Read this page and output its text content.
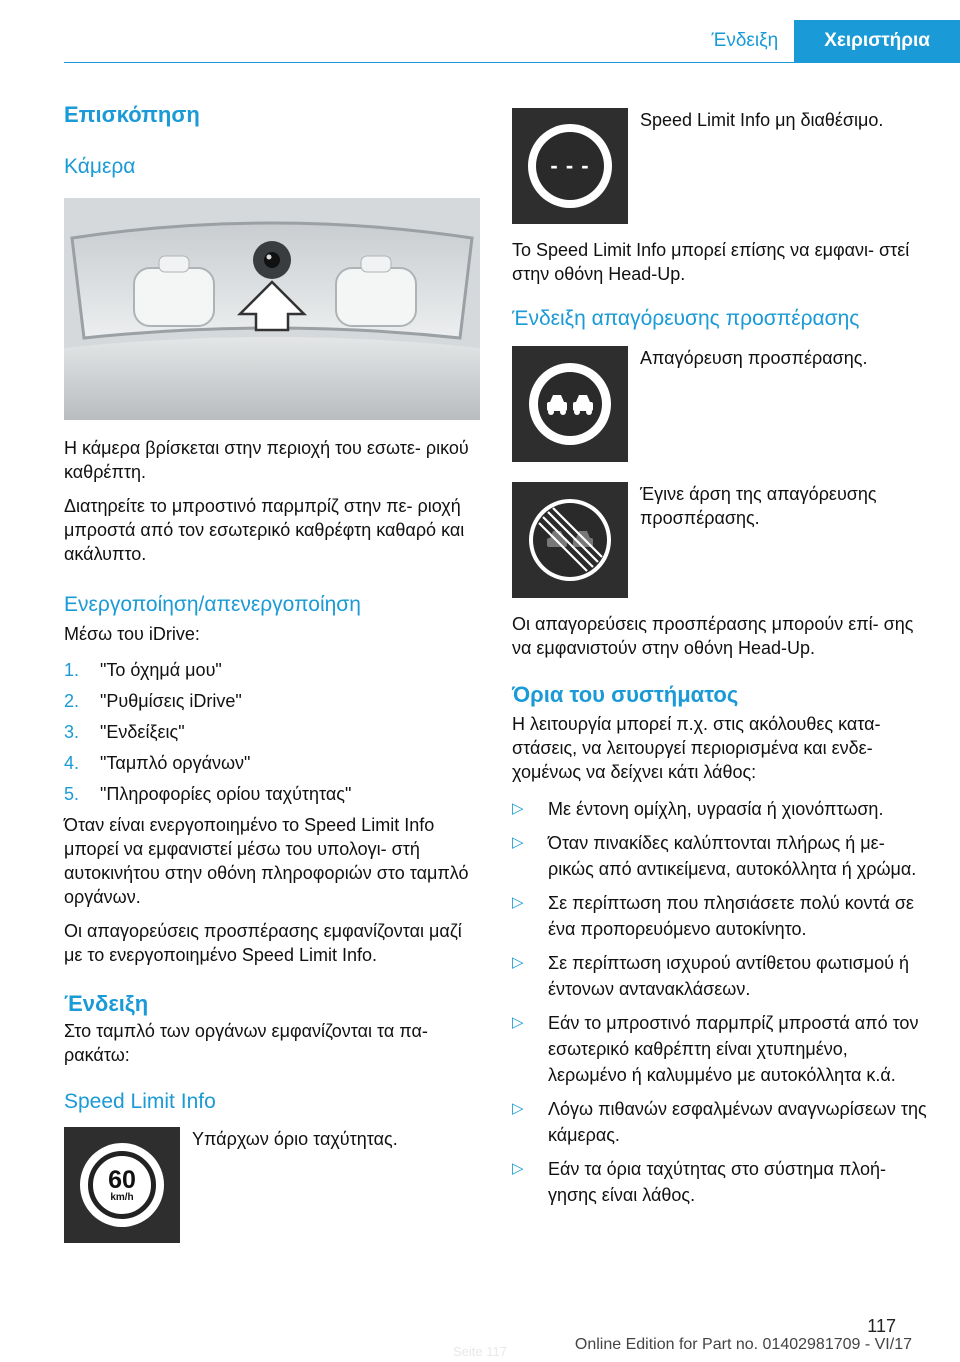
Ένδειξη	Χειριστήρια
Επισκόπηση
Κάμερα

Η κάμερα βρίσκεται στην περιοχή του εσωτε‐ ρικού καθρέπτη.

Διατηρείτε το μπροστινό παρμπρίζ στην πε‐ ριοχή μπροστά από τον εσωτερικό καθρέφτη καθαρό και ακάλυπτο.

Ενεργοποίηση/απενεργοποίηση

Μέσω του iDrive:

1.	"Το όχημά μου"
2.	"Ρυθμίσεις iDrive"
3.	"Ενδείξεις"
4.	"Ταμπλό οργάνων"
5.	"Πληροφορίες ορίου ταχύτητας"

Όταν είναι ενεργοποιημένο το Speed Limit Info μπορεί να εμφανιστεί μέσω του υπολογι‐ στή αυτοκινήτου στην οθόνη πληροφοριών στο ταμπλό οργάνων.

Οι απαγορεύσεις προσπέρασης εμφανίζονται μαζί με το ενεργοποιημένο Speed Limit Info.

Ένδειξη

Στο ταμπλό των οργάνων εμφανίζονται τα πα‐ ρακάτω:

Speed Limit Info
60
km/h
Υπάρχων όριο ταχύτητας.
- - -
Speed Limit Info μη διαθέσιμο.

Το Speed Limit Info μπορεί επίσης να εμφανι‐ στεί στην οθόνη Head-Up.

Ένδειξη απαγόρευσης προσπέρασης
Απαγόρευση προσπέρασης.
Έγινε άρση της απαγόρευσης προσπέρασης.

Οι απαγορεύσεις προσπέρασης μπορούν επί‐ σης να εμφανιστούν στην οθόνη Head-Up.

Όρια του συστήματος

Η λειτουργία μπορεί π.χ. στις ακόλουθες κατα‐ στάσεις, να λειτουργεί περιορισμένα και ενδε‐ χομένως να δείχνει κάτι λάθος:

▷	Με έντονη ομίχλη, υγρασία ή χιονόπτωση.
▷	Όταν πινακίδες καλύπτονται πλήρως ή με‐ ρικώς από αντικείμενα, αυτοκόλλητα ή χρώμα.
▷	Σε περίπτωση που πλησιάσετε πολύ κοντά σε ένα προπορευόμενο αυτοκίνητο.
▷	Σε περίπτωση ισχυρού αντίθετου φωτισμού ή έντονων αντανακλάσεων.
▷	Εάν το μπροστινό παρμπρίζ μπροστά από τον εσωτερικό καθρέπτη είναι χτυπημένο, λερωμένο ή καλυμμένο με αυτοκόλλητα κ.ά.
▷	Λόγω πιθανών εσφαλμένων αναγνωρίσεων της κάμερας.
▷	Εάν τα όρια ταχύτητας στο σύστημα πλοή‐ γησης είναι λάθος.
117
Online Edition for Part no. 01402981709 - VI/17
Seite 117
